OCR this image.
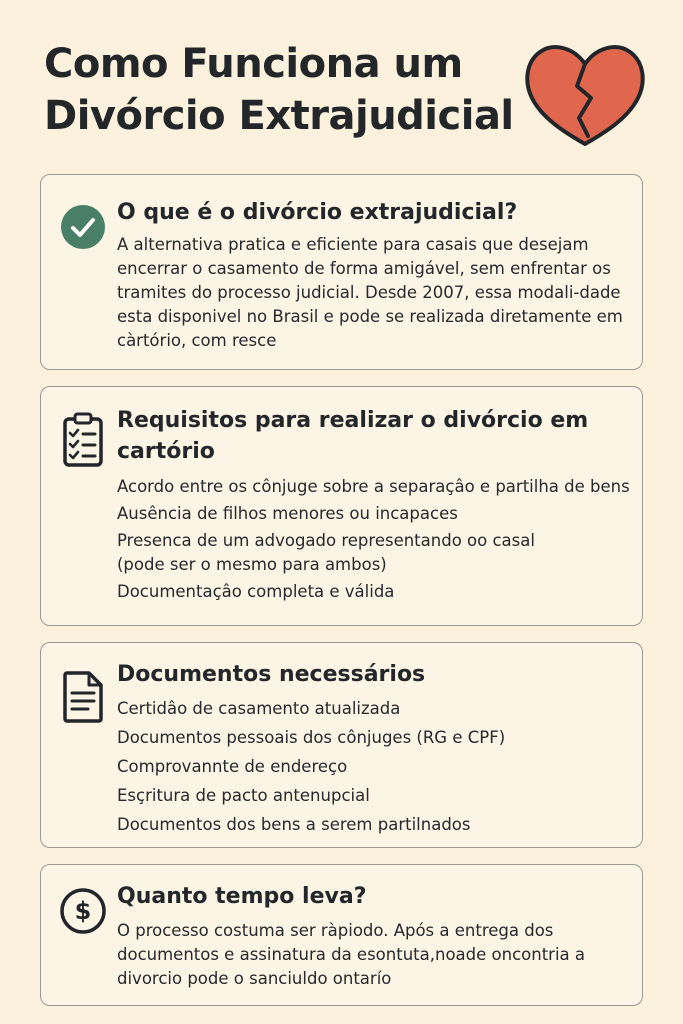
Como Funciona um Divórcio Extrajudicial
O que é o divórcio extrajudicial?

A alternativa pratica e eficiente para casais que desejam encerrar o casamento de forma amigável, sem enfrentar os tramites do processo judicial. Desde 2007, essa modali-dade esta disponivel no Brasil e pode se realizada diretamente em càrtório, com resce

Requisitos para realizar o divórcio em cartório
Acordo entre os cônjuge sobre a separaçâo e partilha de bens
Ausência de filhos menores ou incapaces
Presenca de um advogado representando oo casal (pode ser o mesmo para ambos)
Documentaçâo completa e válida
Documentos necessários
Certidâo de casamento atualizada
Documentos pessoais dos cônjuges (RG e CPF)
Comprovannte de endereço
Esçritura de pacto antenupcial
Documentos dos bens a serem partilnados
$
Quanto tempo leva?

O processo costuma ser ràpiodo. Após a entrega dos documentos e assinatura da esontuta,noade oncontria a divorcio pode o sanciuldo ontarío
